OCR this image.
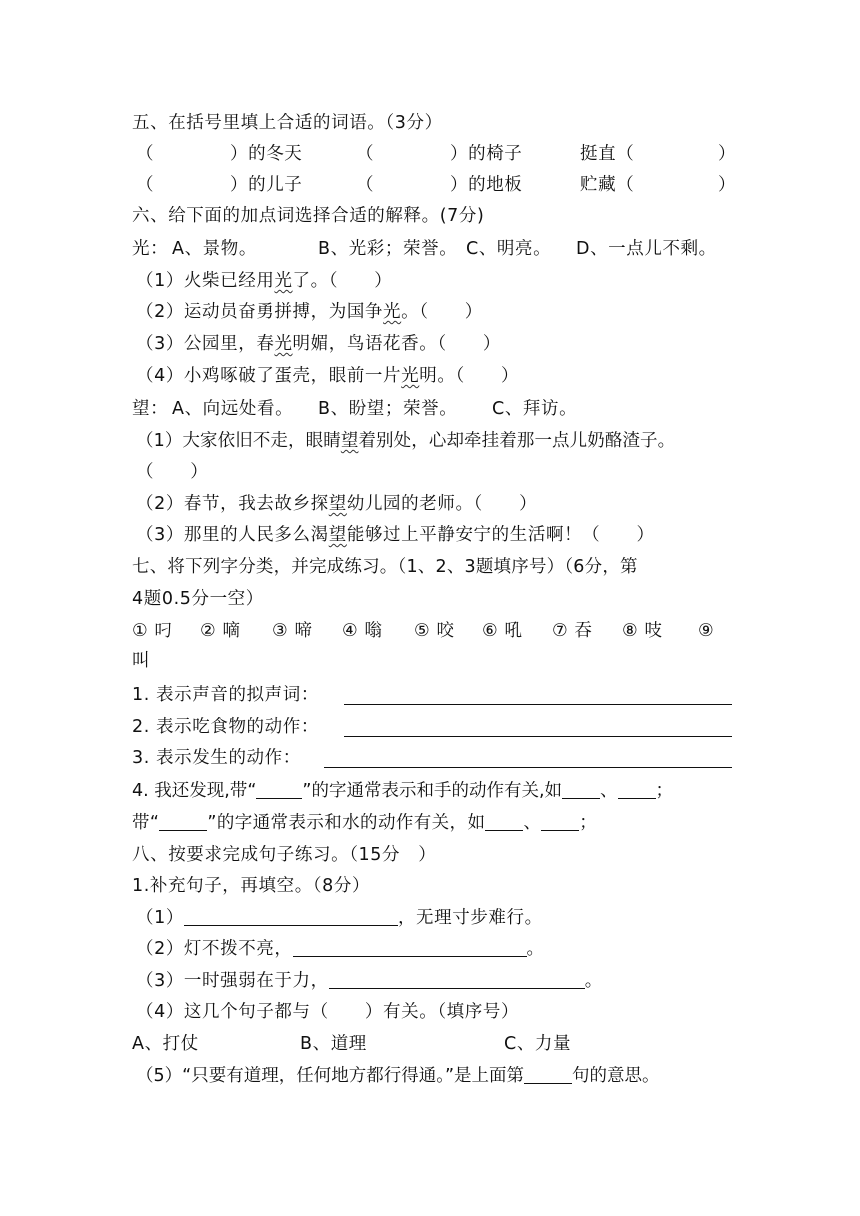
五、在括号里填上合适的词语。（3分）
（	）的冬天	（	）的椅子	挺直（	）
（	）的儿子	（	）的地板	贮藏（	）
六、给下面的加点词选择合适的解释。(7分)
光： A、景物。	B、光彩；荣誉。 C、明亮。 D、一点儿不剩。
（1）火柴已经用光了。（　　）
（2）运动员奋勇拼搏，为国争光。（　　）
（3）公园里，春光明媚，鸟语花香。（　　）
（4）小鸡啄破了蛋壳，眼前一片光明。（　　）
望： A、向远处看。 B、盼望；荣誉。 C、拜访。
（1）大家依旧不走，眼睛望着别处，心却牵挂着那一点儿奶酪渣子。
（　　）
（2）春节，我去故乡探望幼儿园的老师。（　　）
（3）那里的人民多么渴望能够过上平静安宁的生活啊！（　　）
七、将下列字分类，并完成练习。（1、2、3题填序号）（6分，第
4题0.5分一空）
① 叼 ② 嘀 ③ 啼 ④ 嗡 ⑤ 咬 ⑥ 吼 ⑦ 吞 ⑧ 吱 ⑨
叫
1. 表示声音的拟声词：
2. 表示吃食物的动作：
3. 表示发生的动作：
4. 我还发现,带“	”的字通常表示和手的动作有关,如 、 ；
带“	”的字通常表示和水的动作有关，如 、 ；
八、按要求完成句子练习。（15分　）
1.补充句子，再填空。（8分）
（1）	，无理寸步难行。
（2）灯不拨不亮，	。
（3）一时强弱在于力，	。
（4）这几个句子都与（　　）有关。（填序号）
A、打仗	B、道理	C、力量
（5）“只要有道理，任何地方都行得通。”是上面第	句的意思。
